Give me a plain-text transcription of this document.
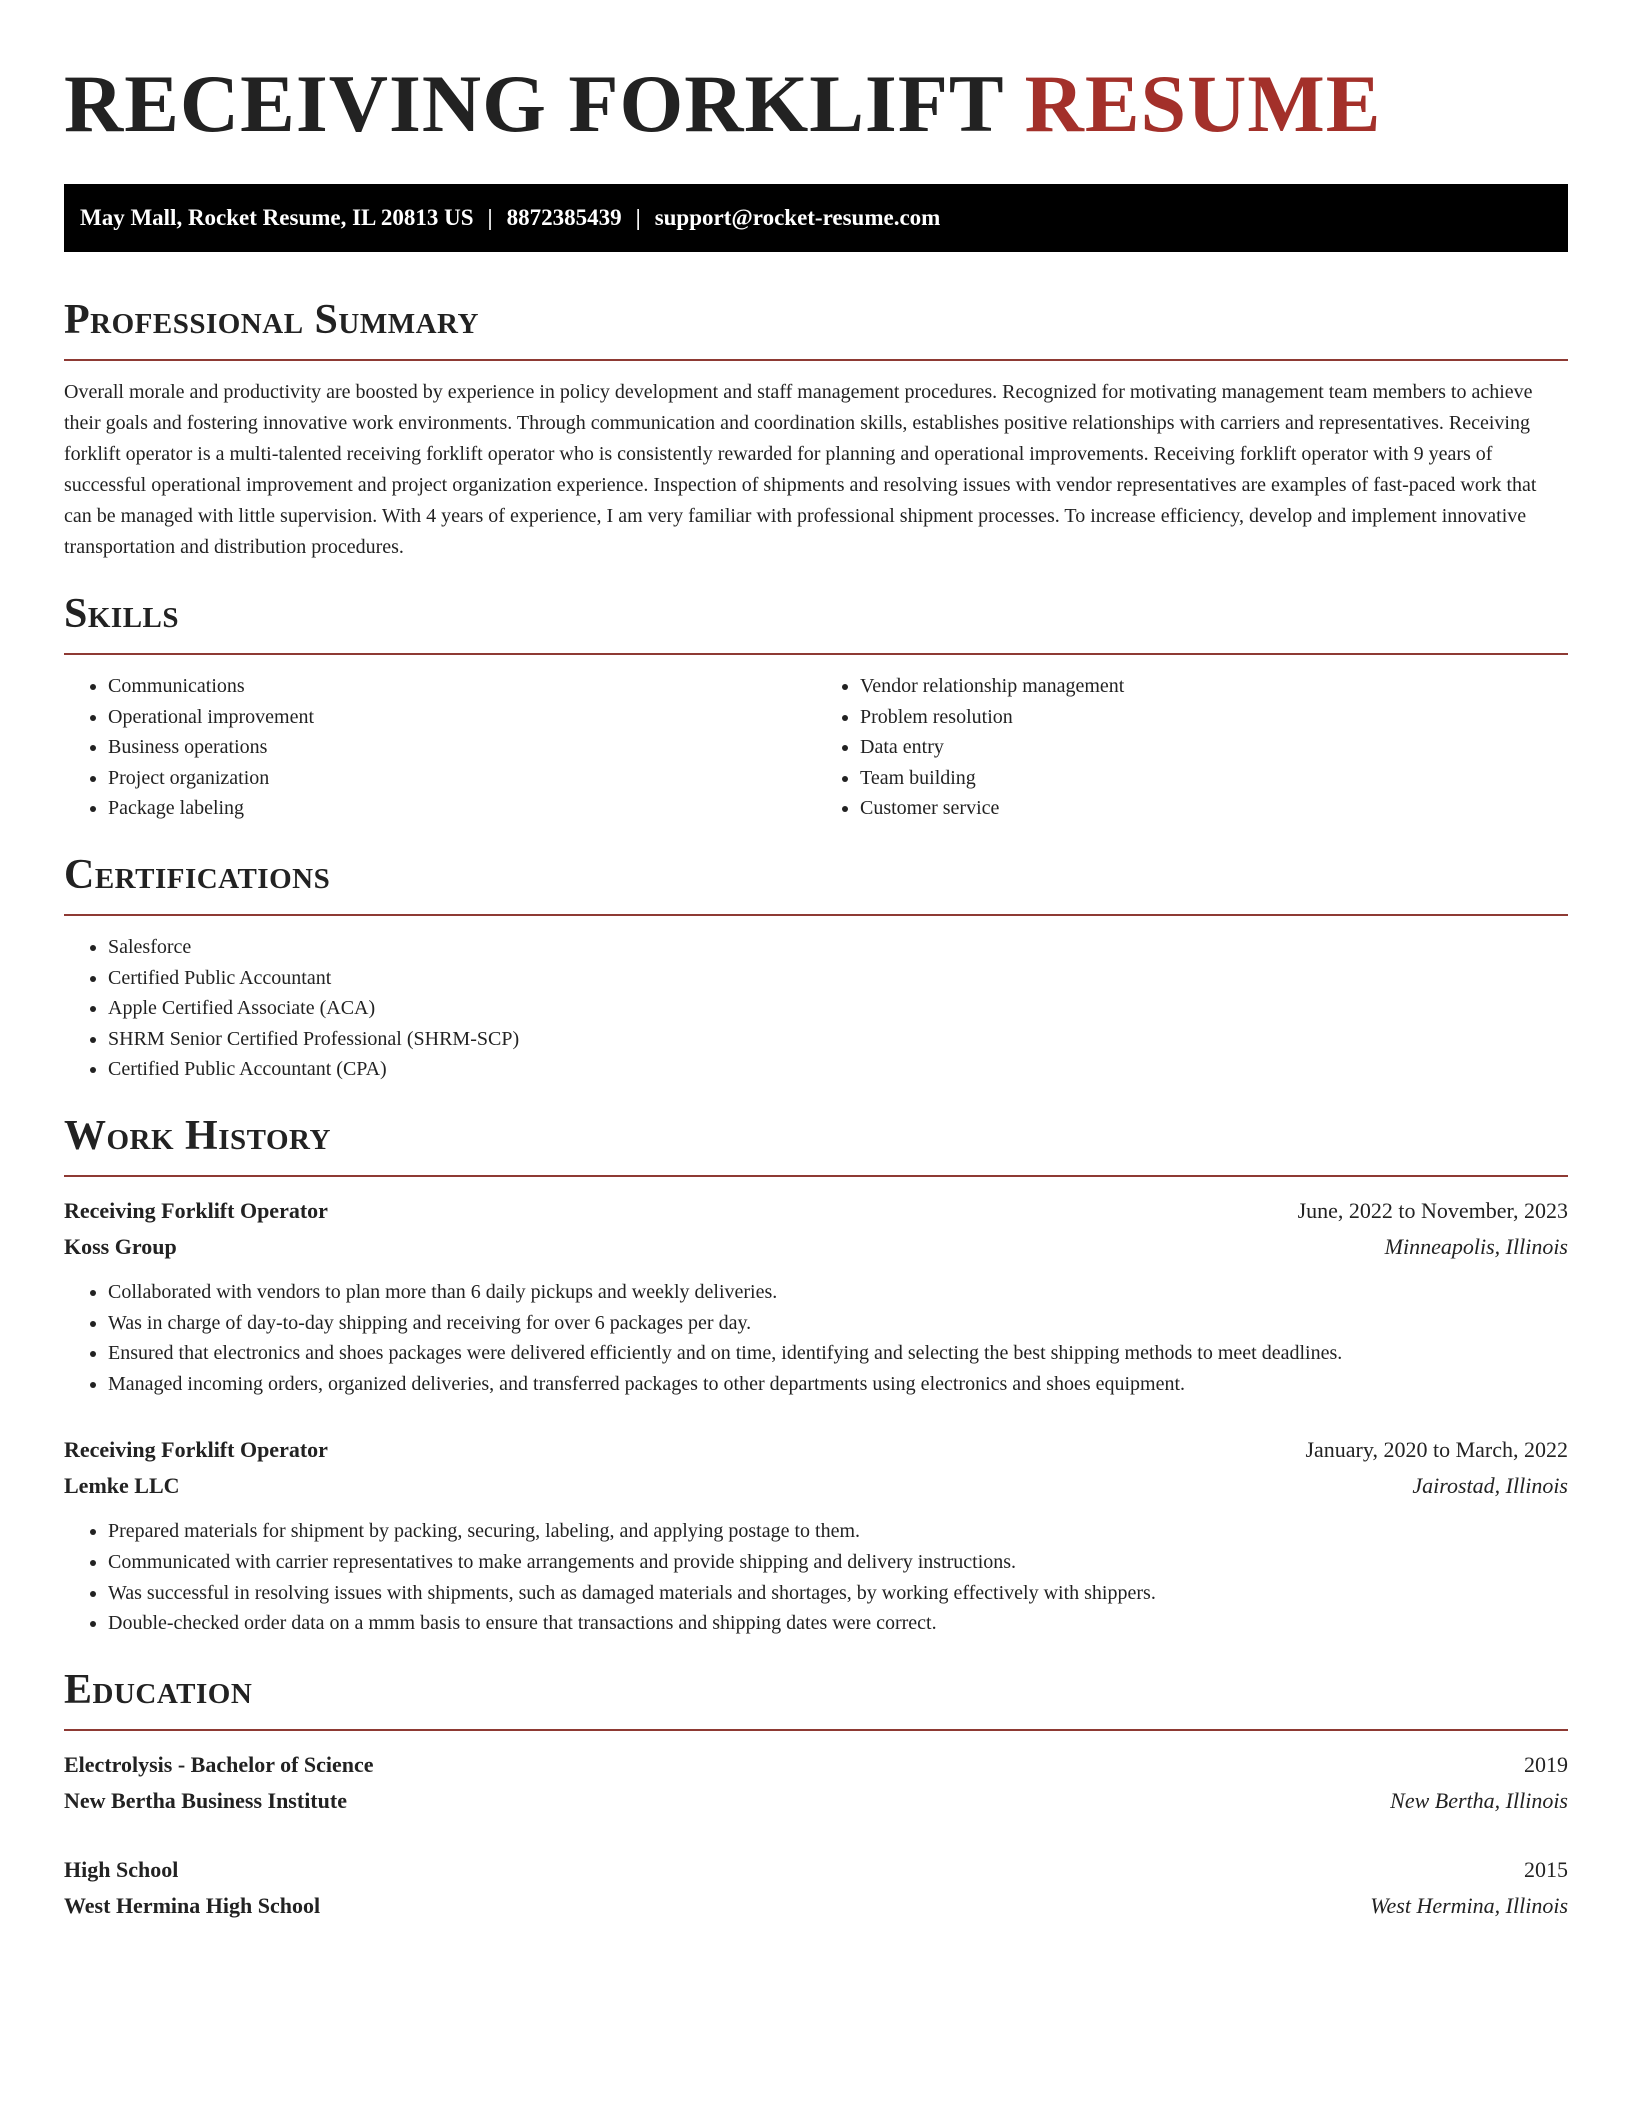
RECEIVING FORKLIFT RESUME
May Mall, Rocket Resume, IL 20813 US | 8872385439 | support@rocket-resume.com
Professional Summary

Overall morale and productivity are boosted by experience in policy development and staff management procedures. Recognized for motivating management team members to achieve their goals and fostering innovative work environments. Through communication and coordination skills, establishes positive relationships with carriers and representatives. Receiving forklift operator is a multi-talented receiving forklift operator who is consistently rewarded for planning and operational improvements. Receiving forklift operator with 9 years of successful operational improvement and project organization experience. Inspection of shipments and resolving issues with vendor representatives are examples of fast-paced work that can be managed with little supervision. With 4 years of experience, I am very familiar with professional shipment processes. To increase efficiency, develop and implement innovative transportation and distribution procedures.

Skills
• Communications
• Operational improvement
• Business operations
• Project organization
• Package labeling
• Vendor relationship management
• Problem resolution
• Data entry
• Team building
• Customer service
Certifications
• Salesforce
• Certified Public Accountant
• Apple Certified Associate (ACA)
• SHRM Senior Certified Professional (SHRM-SCP)
• Certified Public Accountant (CPA)
Work History
Receiving Forklift Operator	June, 2022 to November, 2023
Koss Group	Minneapolis, Illinois
• Collaborated with vendors to plan more than 6 daily pickups and weekly deliveries.
• Was in charge of day-to-day shipping and receiving for over 6 packages per day.
• Ensured that electronics and shoes packages were delivered efficiently and on time, identifying and selecting the best shipping methods to meet deadlines.
• Managed incoming orders, organized deliveries, and transferred packages to other departments using electronics and shoes equipment.
Receiving Forklift Operator	January, 2020 to March, 2022
Lemke LLC	Jairostad, Illinois
• Prepared materials for shipment by packing, securing, labeling, and applying postage to them.
• Communicated with carrier representatives to make arrangements and provide shipping and delivery instructions.
• Was successful in resolving issues with shipments, such as damaged materials and shortages, by working effectively with shippers.
• Double-checked order data on a mmm basis to ensure that transactions and shipping dates were correct.
Education
Electrolysis - Bachelor of Science	2019
New Bertha Business Institute	New Bertha, Illinois
High School	2015
West Hermina High School	West Hermina, Illinois
